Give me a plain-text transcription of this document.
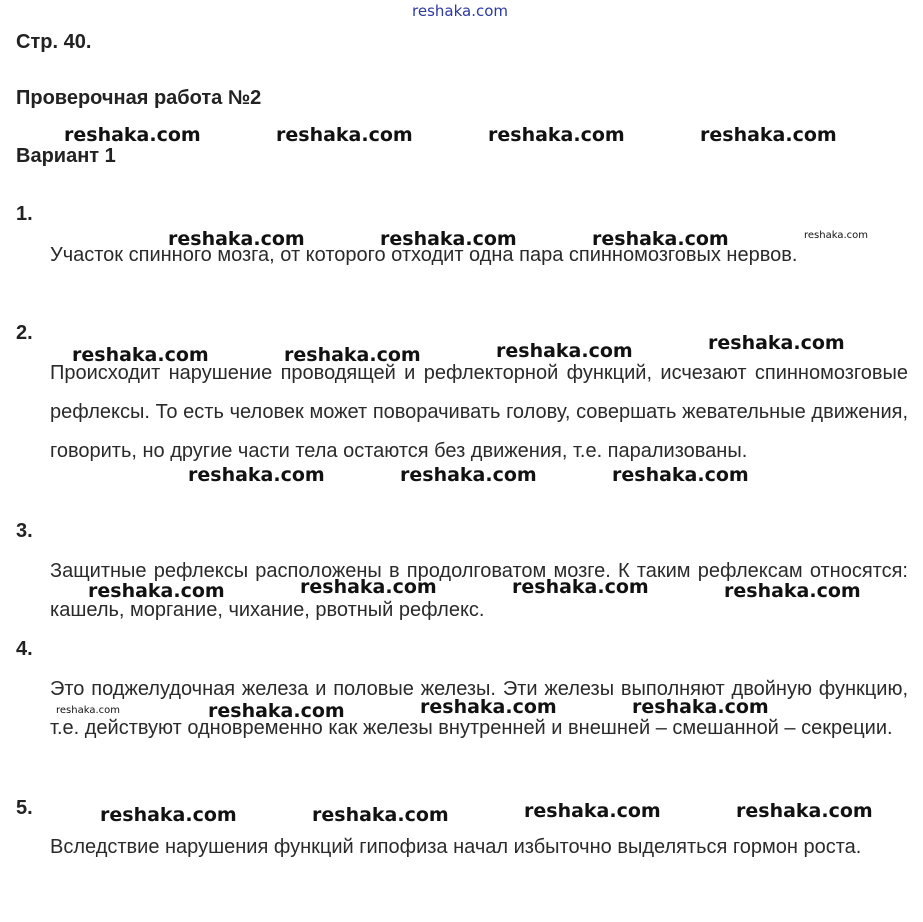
Стр. 40.
Проверочная работа №2
Вариант 1
1.

Участок спинного мозга, от которого отходит одна пара спинномозговых нервов.

2.

Происходит нарушение проводящей и рефлекторной функций, исчезают спинномозговые рефлексы. То есть человек может поворачивать голову, совершать жевательные движения, говорить, но другие части тела остаются без движения, т.е. парализованы.

3.

Защитные рефлексы расположены в продолговатом мозге. К таким рефлексам относятся: кашель, моргание, чихание, рвотный рефлекс.

4.

Это поджелудочная железа и половые железы. Эти железы выполняют двойную функцию, т.е. действуют одновременно как железы внутренней и внешней – смешанной – секреции.

5.

Вследствие нарушения функций гипофиза начал избыточно выделяться гормон роста.

reshaka.com
reshaka.com	reshaka.com	reshaka.com	reshaka.com
reshaka.com	reshaka.com	reshaka.com	reshaka.com
reshaka.com	reshaka.com	reshaka.com	reshaka.com
reshaka.com	reshaka.com	reshaka.com
reshaka.com	reshaka.com	reshaka.com	reshaka.com
reshaka.com	reshaka.com	reshaka.com	reshaka.com
reshaka.com	reshaka.com	reshaka.com	reshaka.com
